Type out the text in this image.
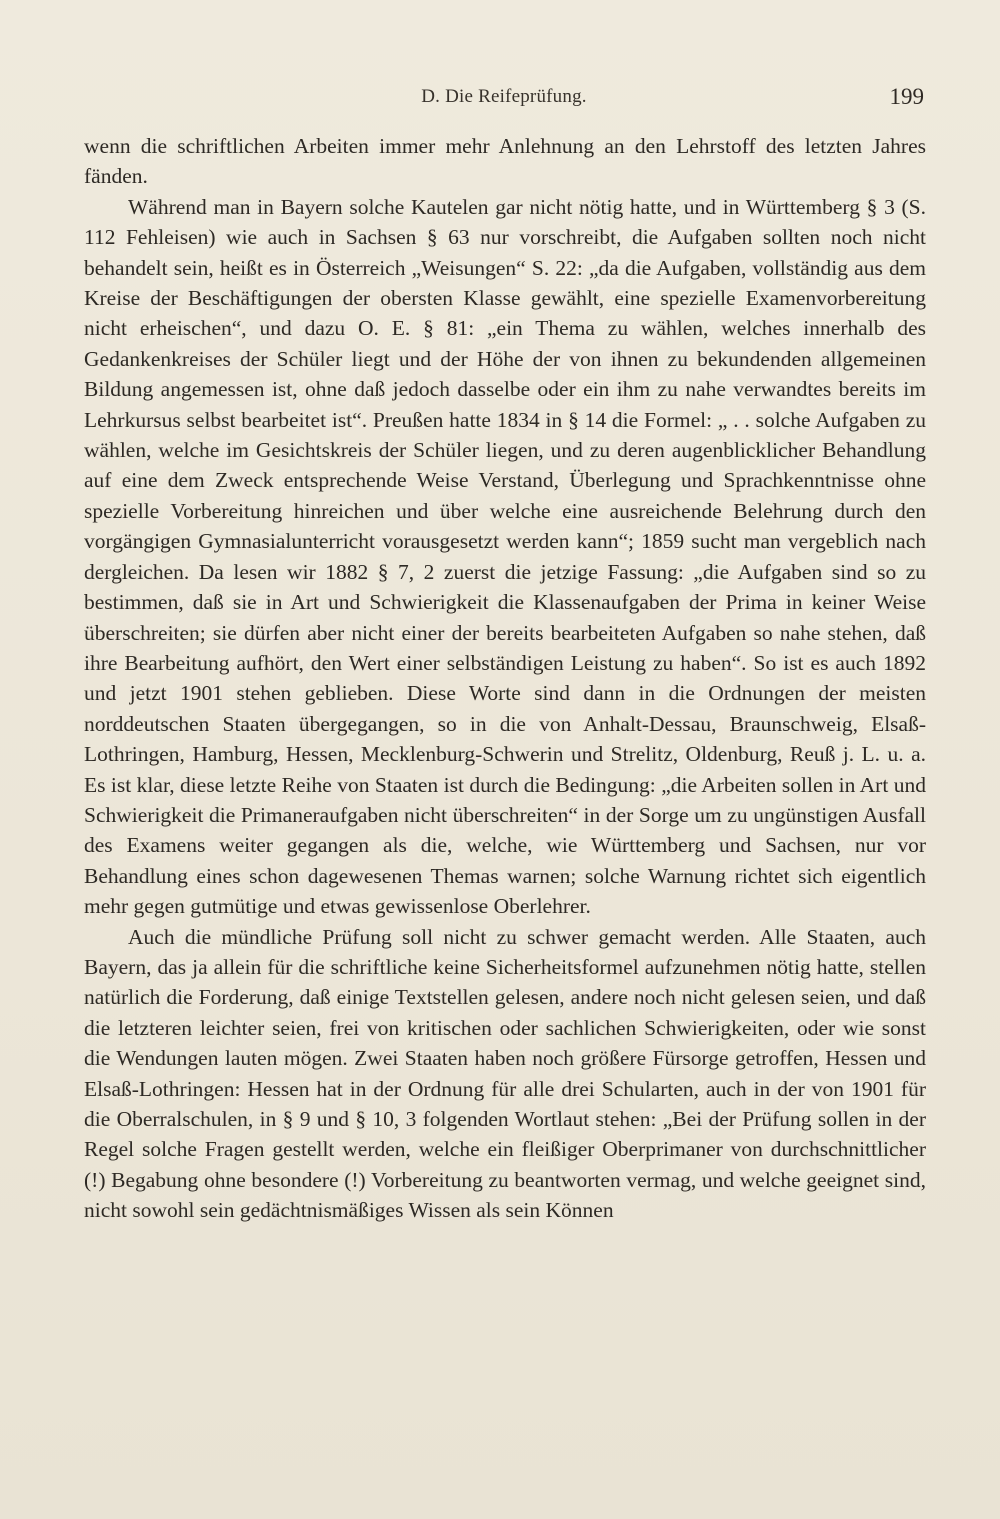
D. Die Reifeprüfung.	199

wenn die schriftlichen Arbeiten immer mehr Anlehnung an den Lehrstoff des letzten Jahres fänden.

Während man in Bayern solche Kautelen gar nicht nötig hatte, und in Württemberg § 3 (S. 112 Fehleisen) wie auch in Sachsen § 63 nur vorschreibt, die Aufgaben sollten noch nicht behandelt sein, heißt es in Österreich „Weisungen“ S. 22: „da die Aufgaben, vollständig aus dem Kreise der Beschäftigungen der obersten Klasse gewählt, eine spezielle Examenvorbereitung nicht erheischen“, und dazu O. E. § 81: „ein Thema zu wählen, welches innerhalb des Gedankenkreises der Schüler liegt und der Höhe der von ihnen zu bekundenden allgemeinen Bildung angemessen ist, ohne daß jedoch dasselbe oder ein ihm zu nahe verwandtes bereits im Lehrkursus selbst bearbeitet ist“. Preußen hatte 1834 in § 14 die Formel: „ . . solche Aufgaben zu wählen, welche im Gesichtskreis der Schüler liegen, und zu deren augenblicklicher Behandlung auf eine dem Zweck entsprechende Weise Verstand, Überlegung und Sprachkenntnisse ohne spezielle Vorbereitung hinreichen und über welche eine ausreichende Belehrung durch den vorgängigen Gymnasialunterricht vorausgesetzt werden kann“; 1859 sucht man vergeblich nach dergleichen. Da lesen wir 1882 § 7, 2 zuerst die jetzige Fassung: „die Aufgaben sind so zu bestimmen, daß sie in Art und Schwierigkeit die Klassenaufgaben der Prima in keiner Weise überschreiten; sie dürfen aber nicht einer der bereits bearbeiteten Aufgaben so nahe stehen, daß ihre Bearbeitung aufhört, den Wert einer selbständigen Leistung zu haben“. So ist es auch 1892 und jetzt 1901 stehen geblieben. Diese Worte sind dann in die Ordnungen der meisten norddeutschen Staaten übergegangen, so in die von Anhalt-Dessau, Braunschweig, Elsaß-Lothringen, Hamburg, Hessen, Mecklenburg-Schwerin und Strelitz, Oldenburg, Reuß j. L. u. a. Es ist klar, diese letzte Reihe von Staaten ist durch die Bedingung: „die Arbeiten sollen in Art und Schwierigkeit die Primaneraufgaben nicht überschreiten“ in der Sorge um zu ungünstigen Ausfall des Examens weiter gegangen als die, welche, wie Württemberg und Sachsen, nur vor Behandlung eines schon dagewesenen Themas warnen; solche Warnung richtet sich eigentlich mehr gegen gutmütige und etwas gewissenlose Oberlehrer.

Auch die mündliche Prüfung soll nicht zu schwer gemacht werden. Alle Staaten, auch Bayern, das ja allein für die schriftliche keine Sicherheitsformel aufzunehmen nötig hatte, stellen natürlich die Forderung, daß einige Textstellen gelesen, andere noch nicht gelesen seien, und daß die letzteren leichter seien, frei von kritischen oder sachlichen Schwierigkeiten, oder wie sonst die Wendungen lauten mögen. Zwei Staaten haben noch größere Fürsorge getroffen, Hessen und Elsaß-Lothringen: Hessen hat in der Ordnung für alle drei Schularten, auch in der von 1901 für die Oberralschulen, in § 9 und § 10, 3 folgenden Wortlaut stehen: „Bei der Prüfung sollen in der Regel solche Fragen gestellt werden, welche ein fleißiger Oberprimaner von durchschnittlicher (!) Begabung ohne besondere (!) Vorbereitung zu beantworten vermag, und welche geeignet sind, nicht sowohl sein gedächtnismäßiges Wissen als sein Können
